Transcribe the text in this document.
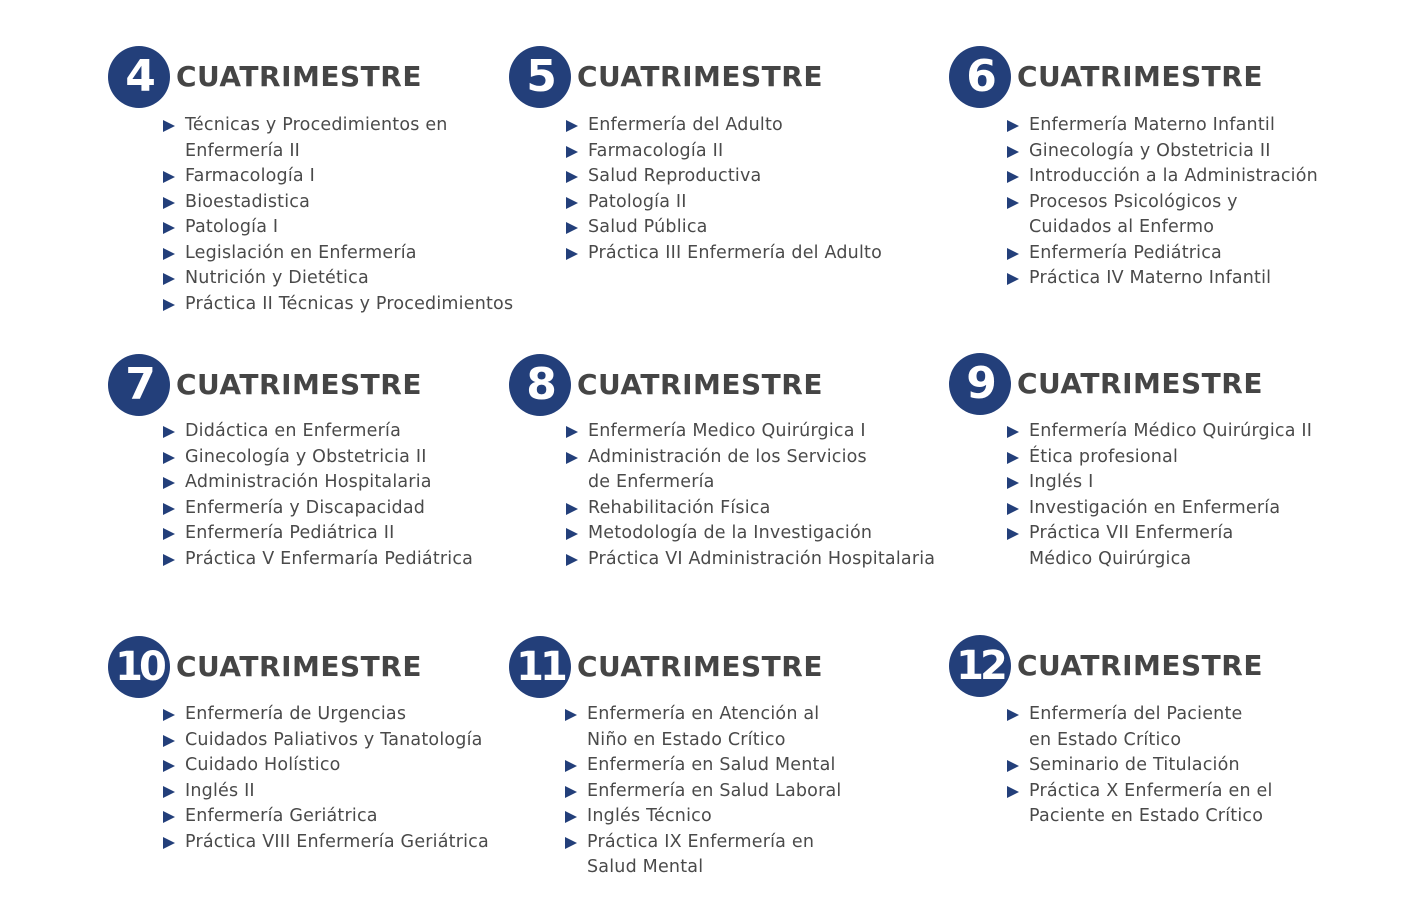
4 CUATRIMESTRE
Técnicas y Procedimientos en
Enfermería II
Farmacología I
Bioestadistica
Patología I
Legislación en Enfermería
Nutrición y Dietética
Práctica II Técnicas y Procedimientos
5 CUATRIMESTRE
Enfermería del Adulto
Farmacología II
Salud Reproductiva
Patología II
Salud Pública
Práctica III Enfermería del Adulto
6 CUATRIMESTRE
Enfermería Materno Infantil
Ginecología y Obstetricia II
Introducción a la Administración
Procesos Psicológicos y
Cuidados al Enfermo
Enfermería Pediátrica
Práctica IV Materno Infantil
7 CUATRIMESTRE
Didáctica en Enfermería
Ginecología y Obstetricia II
Administración Hospitalaria
Enfermería y Discapacidad
Enfermería Pediátrica II
Práctica V Enfermaría Pediátrica
8 CUATRIMESTRE
Enfermería Medico Quirúrgica I
Administración de los Servicios
de Enfermería
Rehabilitación Física
Metodología de la Investigación
Práctica VI Administración Hospitalaria
9 CUATRIMESTRE
Enfermería Médico Quirúrgica II
Ética profesional
Inglés I
Investigación en Enfermería
Práctica VII Enfermería
Médico Quirúrgica
10 CUATRIMESTRE
Enfermería de Urgencias
Cuidados Paliativos y Tanatología
Cuidado Holístico
Inglés II
Enfermería Geriátrica
Práctica VIII Enfermería Geriátrica
11 CUATRIMESTRE
Enfermería en Atención al
Niño en Estado Crítico
Enfermería en Salud Mental
Enfermería en Salud Laboral
Inglés Técnico
Práctica IX Enfermería en
Salud Mental
12 CUATRIMESTRE
Enfermería del Paciente
en Estado Crítico
Seminario de Titulación
Práctica X Enfermería en el
Paciente en Estado Crítico
